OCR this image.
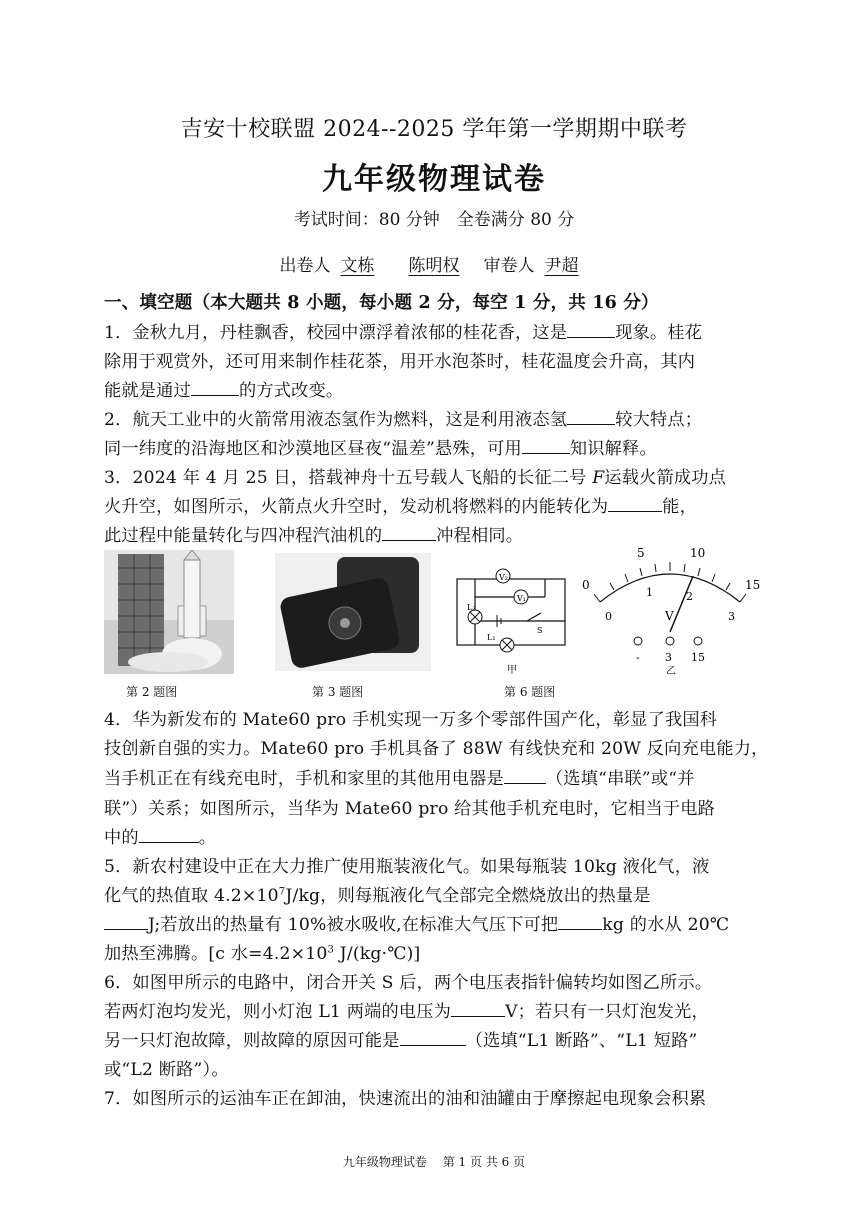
吉安十校联盟 2024--2025 学年第一学期期中联考
九年级物理试卷
考试时间：80 分钟　全卷满分 80 分
出卷人 文栋 陈明权 审卷人 尹超
一、填空题（本大题共 8 小题，每小题 2 分，每空 1 分，共 16 分）
1．金秋九月，丹桂飘香，校园中漂浮着浓郁的桂花香，这是	现象。桂花
除用于观赏外，还可用来制作桂花茶，用开水泡茶时，桂花温度会升高，其内
能就是通过	的方式改变。
2．航天工业中的火箭常用液态氢作为燃料，这是利用液态氢	较大特点；
同一纬度的沿海地区和沙漠地区昼夜“温差”悬殊，可用	知识解释。
3．2024 年 4 月 25 日，搭载神舟十五号载人飞船的长征二号 F运载火箭成功点
火升空，如图所示，火箭点火升空时，发动机将燃料的内能转化为	能，
此过程中能量转化与四冲程汽油机的	冲程相同。
V₂
V₁
L₂
L₁
S
甲
5	10
0	15
0
1	2
3
V
- 3 15
乙
第 2 题图	第 3 题图	第 6 题图
4．华为新发布的 Mate60 pro 手机实现一万多个零部件国产化，彰显了我国科
技创新自强的实力。Mate60 pro 手机具备了 88W 有线快充和 20W 反向充电能力，
当手机正在有线充电时，手机和家里的其他用电器是 （选填“串联”或“并
联”）关系；如图所示，当华为 Mate60 pro 给其他手机充电时，它相当于电路
中的	。
5．新农村建设中正在大力推广使用瓶装液化气。如果每瓶装 10kg 液化气，液
化气的热值取 $4.2\times 10^7J/kg$，则每瓶液化气全部完全燃烧放出的热量是
J;若放出的热量有 10%被水吸收,在标准大气压下可把	kg 的水从 20℃
加热至沸腾。[c 水$=4.2\times 10^3$ J/(kg·℃)]
6．如图甲所示的电路中，闭合开关 S 后，两个电压表指针偏转均如图乙所示。
若两灯泡均发光，则小灯泡 L1 两端的电压为	V；若只有一只灯泡发光，
另一只灯泡故障，则故障的原因可能是	（选填“L1 断路”、“L1 短路”
或“L2 断路”）。
7．如图所示的运油车正在卸油，快速流出的油和油罐由于摩擦起电现象会积累
九年级物理试卷　 第 1 页 共 6 页
